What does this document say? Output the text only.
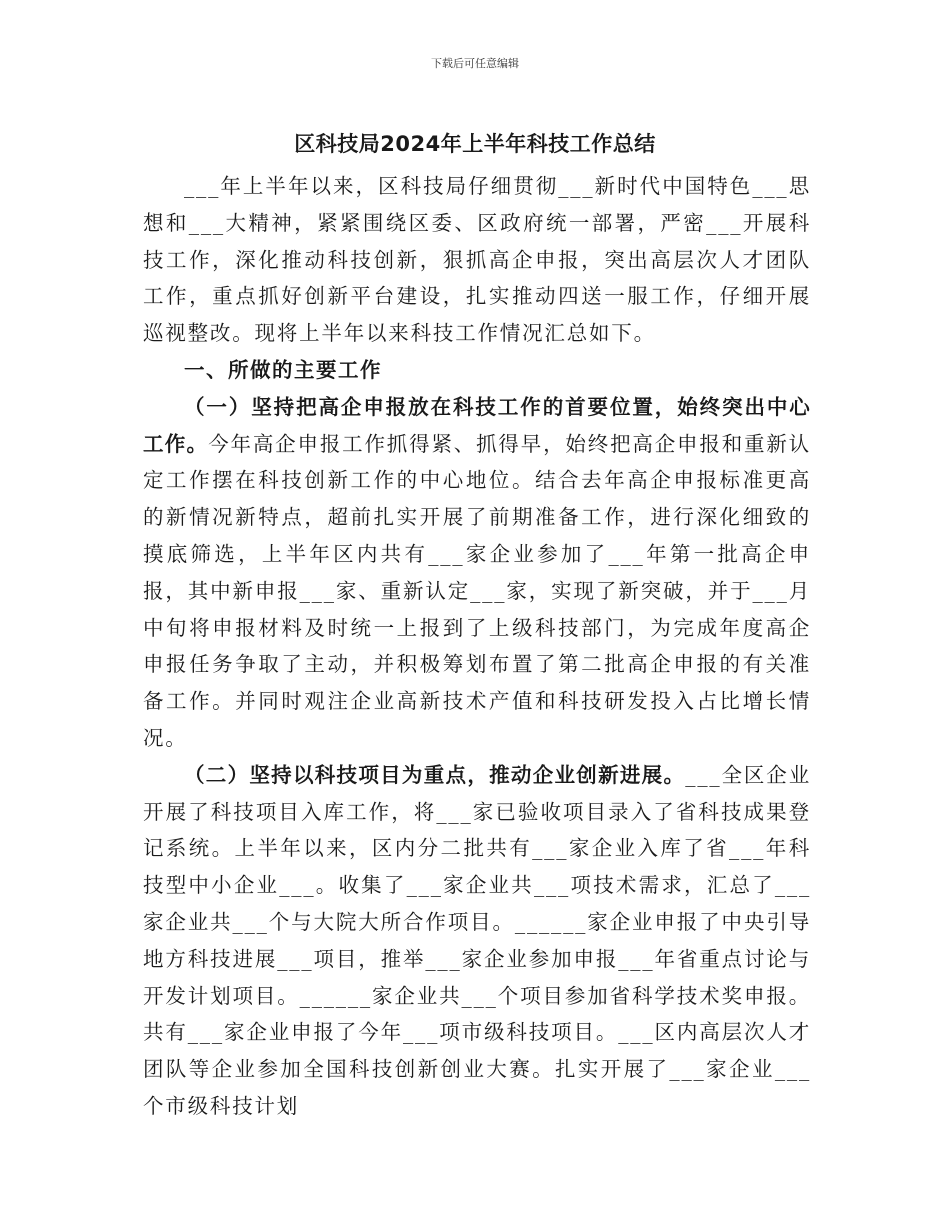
下载后可任意编辑
区科技局2024年上半年科技工作总结

___年上半年以来，区科技局仔细贯彻___新时代中国特色___思想和___大精神，紧紧围绕区委、区政府统一部署，严密___开展科技工作，深化推动科技创新，狠抓高企申报，突出高层次人才团队工作，重点抓好创新平台建设，扎实推动四送一服工作，仔细开展巡视整改。现将上半年以来科技工作情况汇总如下。

一、所做的主要工作

（一）坚持把高企申报放在科技工作的首要位置，始终突出中心工作。今年高企申报工作抓得紧、抓得早，始终把高企申报和重新认定工作摆在科技创新工作的中心地位。结合去年高企申报标准更高的新情况新特点，超前扎实开展了前期准备工作，进行深化细致的摸底筛选，上半年区内共有___家企业参加了___年第一批高企申报，其中新申报___家、重新认定___家，实现了新突破，并于___月中旬将申报材料及时统一上报到了上级科技部门，为完成年度高企申报任务争取了主动，并积极筹划布置了第二批高企申报的有关准备工作。并同时观注企业高新技术产值和科技研发投入占比增长情况。

（二）坚持以科技项目为重点，推动企业创新进展。___全区企业开展了科技项目入库工作，将___家已验收项目录入了省科技成果登记系统。上半年以来，区内分二批共有___家企业入库了省___年科技型中小企业___。收集了___家企业共___项技术需求，汇总了___家企业共___个与大院大所合作项目。______家企业申报了中央引导地方科技进展___项目，推举___家企业参加申报___年省重点讨论与开发计划项目。______家企业共___个项目参加省科学技术奖申报。共有___家企业申报了今年___项市级科技项目。___区内高层次人才团队等企业参加全国科技创新创业大赛。扎实开展了___家企业___个市级科技计划
